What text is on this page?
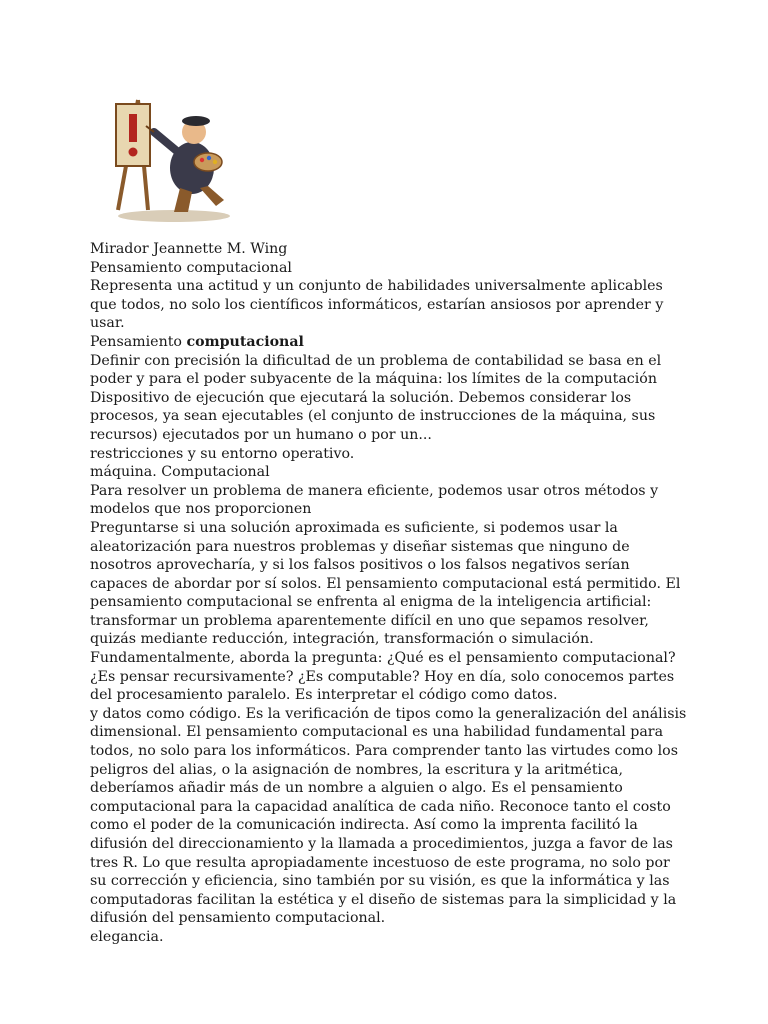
Mirador Jeannette M. Wing

Pensamiento computacional

Representa una actitud y un conjunto de habilidades universalmente aplicables que todos, no solo los científicos informáticos, estarían ansiosos por aprender y usar.

Pensamiento computacional

Definir con precisión la dificultad de un problema de contabilidad se basa en el poder y para el poder subyacente de la máquina: los límites de la computación

Dispositivo de ejecución que ejecutará la solución. Debemos considerar los procesos, ya sean ejecutables (el conjunto de instrucciones de la máquina, sus recursos) ejecutados por un humano o por un...

restricciones y su entorno operativo.

máquina. Computacional

Para resolver un problema de manera eficiente, podemos usar otros métodos y modelos que nos proporcionen

Preguntarse si una solución aproximada es suficiente, si podemos usar la aleatorización para nuestros problemas y diseñar sistemas que ninguno de nosotros aprovecharía, y si los falsos positivos o los falsos negativos serían capaces de abordar por sí solos. El pensamiento computacional está permitido. El pensamiento computacional se enfrenta al enigma de la inteligencia artificial: transformar un problema aparentemente difícil en uno que sepamos resolver, quizás mediante reducción, integración, transformación o simulación.

Fundamentalmente, aborda la pregunta: ¿Qué es el pensamiento computacional? ¿Es pensar recursivamente? ¿Es computable? Hoy en día, solo conocemos partes del procesamiento paralelo. Es interpretar el código como datos.

y datos como código. Es la verificación de tipos como la generalización del análisis dimensional. El pensamiento computacional es una habilidad fundamental para todos, no solo para los informáticos. Para comprender tanto las virtudes como los peligros del alias, o la asignación de nombres, la escritura y la aritmética, deberíamos añadir más de un nombre a alguien o algo. Es el pensamiento computacional para la capacidad analítica de cada niño. Reconoce tanto el costo como el poder de la comunicación indirecta. Así como la imprenta facilitó la difusión del direccionamiento y la llamada a procedimientos, juzga a favor de las tres R. Lo que resulta apropiadamente incestuoso de este programa, no solo por su corrección y eficiencia, sino también por su visión, es que la informática y las computadoras facilitan la estética y el diseño de sistemas para la simplicidad y la difusión del pensamiento computacional.

elegancia.
